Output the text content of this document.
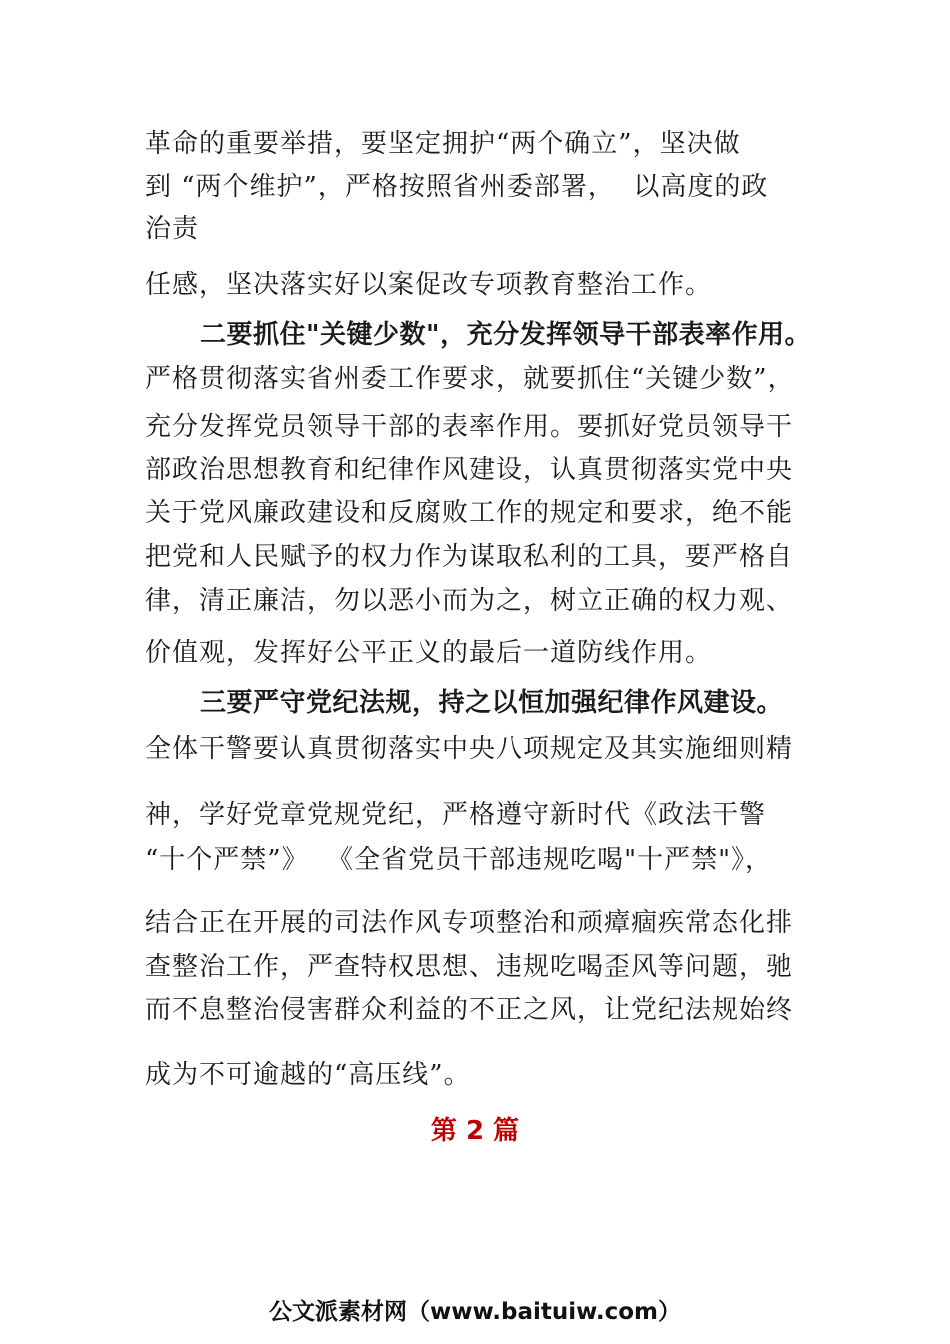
革命的重要举措，要坚定拥护“两个确立”，坚决做
到 “两个维护”，严格按照省州委部署，  以高度的政
治责
任感，坚决落实好以案促改专项教育整治工作。
二要抓住"关键少数"，充分发挥领导干部表率作用。
严格贯彻落实省州委工作要求，就要抓住“关键少数”，
充分发挥党员领导干部的表率作用。要抓好党员领导干
部政治思想教育和纪律作风建设，认真贯彻落实党中央
关于党风廉政建设和反腐败工作的规定和要求，绝不能
把党和人民赋予的权力作为谋取私利的工具，要严格自
律，清正廉洁，勿以恶小而为之，树立正确的权力观、
价值观，发挥好公平正义的最后一道防线作用。
三要严守党纪法规，持之以恒加强纪律作风建设。
全体干警要认真贯彻落实中央八项规定及其实施细则精
神，学好党章党规党纪，严格遵守新时代《政法干警
“十个严禁”》  《全省党员干部违规吃喝"十严禁"》，
结合正在开展的司法作风专项整治和顽瘴痼疾常态化排
查整治工作，严查特权思想、违规吃喝歪风等问题，驰
而不息整治侵害群众利益的不正之风，让党纪法规始终
成为不可逾越的“高压线”。
第 2 篇
公文派素材网（www.baituiw.com）
